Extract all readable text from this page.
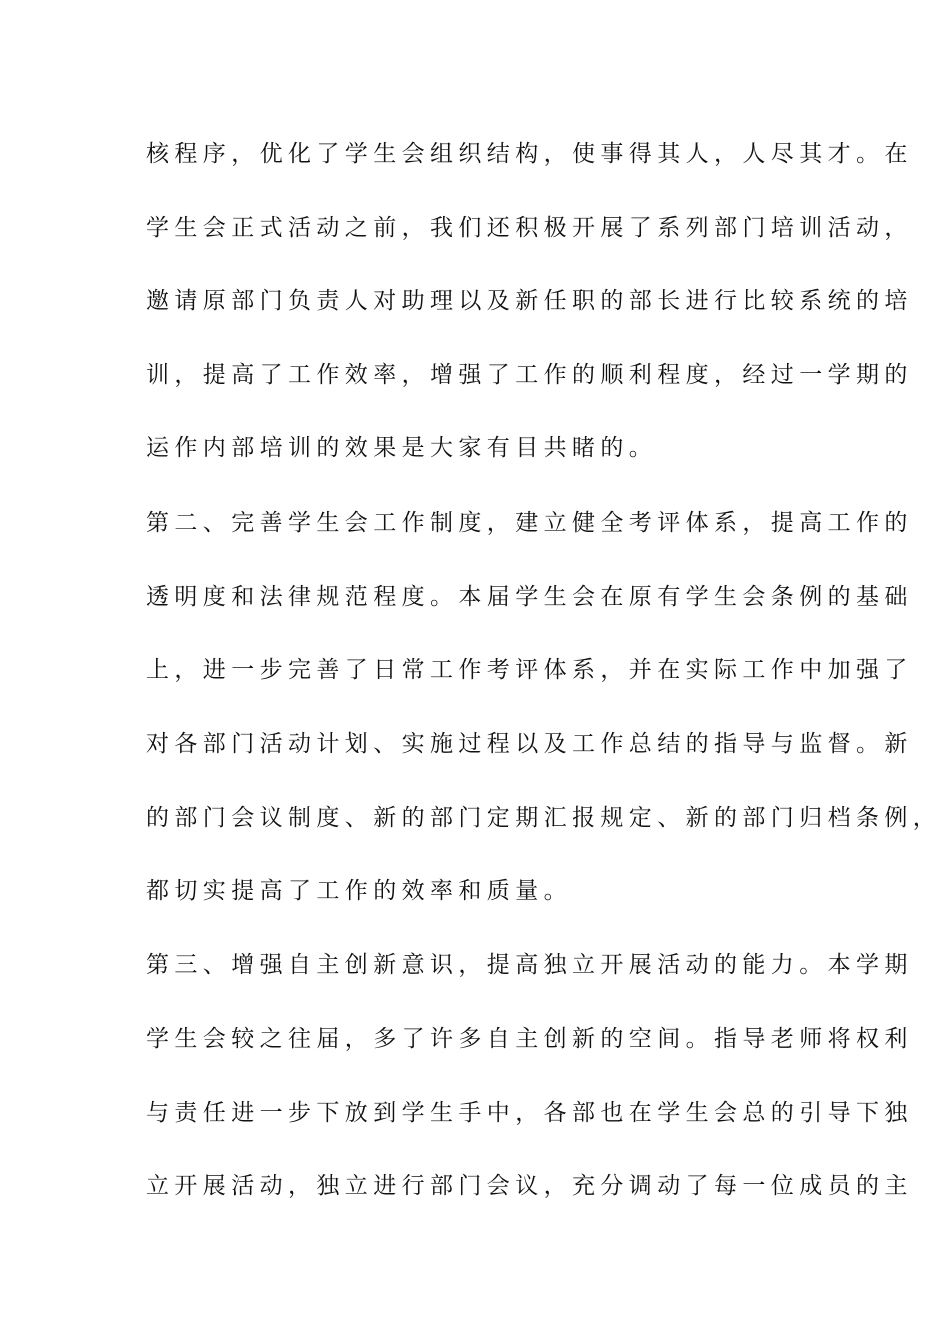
核程序，优化了学生会组织结构，使事得其人，人尽其才。在
学生会正式活动之前，我们还积极开展了系列部门培训活动，
邀请原部门负责人对助理以及新任职的部长进行比较系统的培
训，提高了工作效率，增强了工作的顺利程度，经过一学期的
运作内部培训的效果是大家有目共睹的。
第二、完善学生会工作制度，建立健全考评体系，提高工作的
透明度和法律规范程度。本届学生会在原有学生会条例的基础
上，进一步完善了日常工作考评体系，并在实际工作中加强了
对各部门活动计划、实施过程以及工作总结的指导与监督。新
的部门会议制度、新的部门定期汇报规定、新的部门归档条例，
都切实提高了工作的效率和质量。
第三、增强自主创新意识，提高独立开展活动的能力。本学期
学生会较之往届，多了许多自主创新的空间。指导老师将权利
与责任进一步下放到学生手中，各部也在学生会总的引导下独
立开展活动，独立进行部门会议，充分调动了每一位成员的主
